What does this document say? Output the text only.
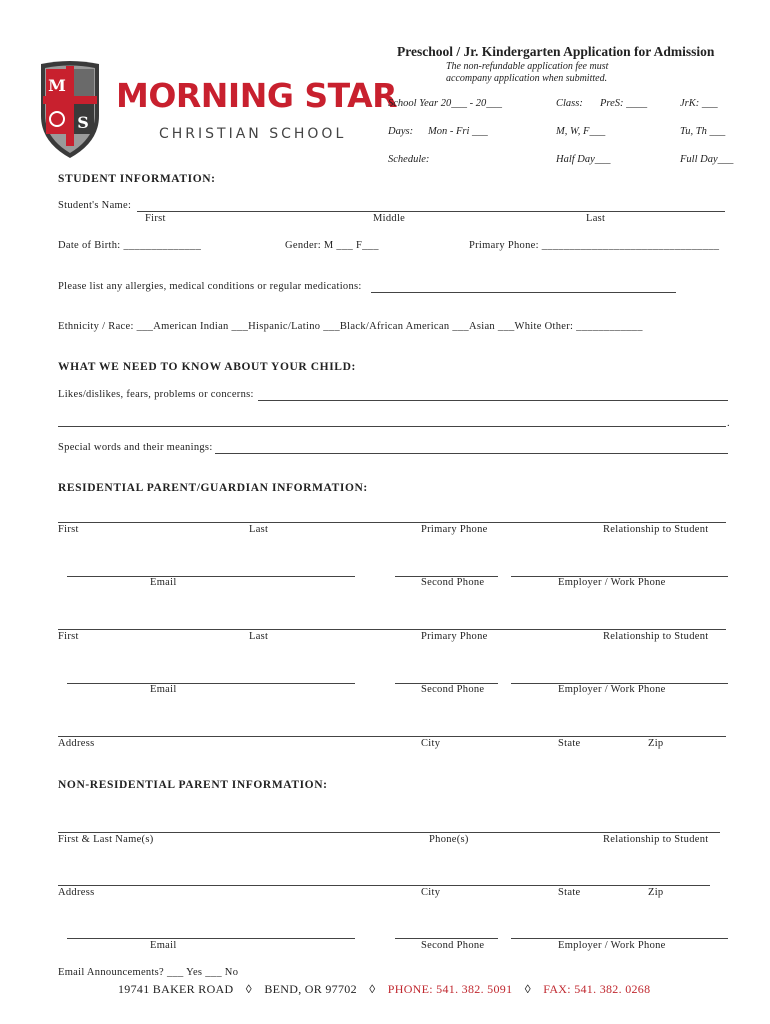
M
S
MORNING STAR
CHRISTIAN SCHOOL
Preschool / Jr. Kindergarten Application for Admission
The non-refundable application fee must
accompany application when submitted.
School Year 20___ - 20___	Class: PreS: ____	JrK: ___
Days: Mon - Fri ___	M, W, F___	Tu, Th ___
Schedule:	Half Day___	Full Day___
STUDENT INFORMATION:
Student's Name:
First	Middle	Last
Date of Birth: ______________	Gender: M ___ F___	Primary Phone: ________________________________
Please list any allergies, medical conditions or regular medications:
Ethnicity / Race: ___American Indian ___Hispanic/Latino ___Black/African American ___Asian ___White Other: ____________
WHAT WE NEED TO KNOW ABOUT YOUR CHILD:
Likes/dislikes, fears, problems or concerns:
.
Special words and their meanings:
RESIDENTIAL PARENT/GUARDIAN INFORMATION:
First	Last	Primary Phone	Relationship to Student
Email	Second Phone	Employer / Work Phone
First	Last	Primary Phone	Relationship to Student
Email	Second Phone	Employer / Work Phone
Address	City	State	Zip
NON-RESIDENTIAL PARENT INFORMATION:
First & Last Name(s)	Phone(s)	Relationship to Student
Address	City	State	Zip
Email	Second Phone	Employer / Work Phone
Email Announcements? ___ Yes ___ No
19741 BAKER ROAD ◊ BEND, OR 97702 ◊ PHONE: 541. 382. 5091 ◊ FAX: 541. 382. 0268
